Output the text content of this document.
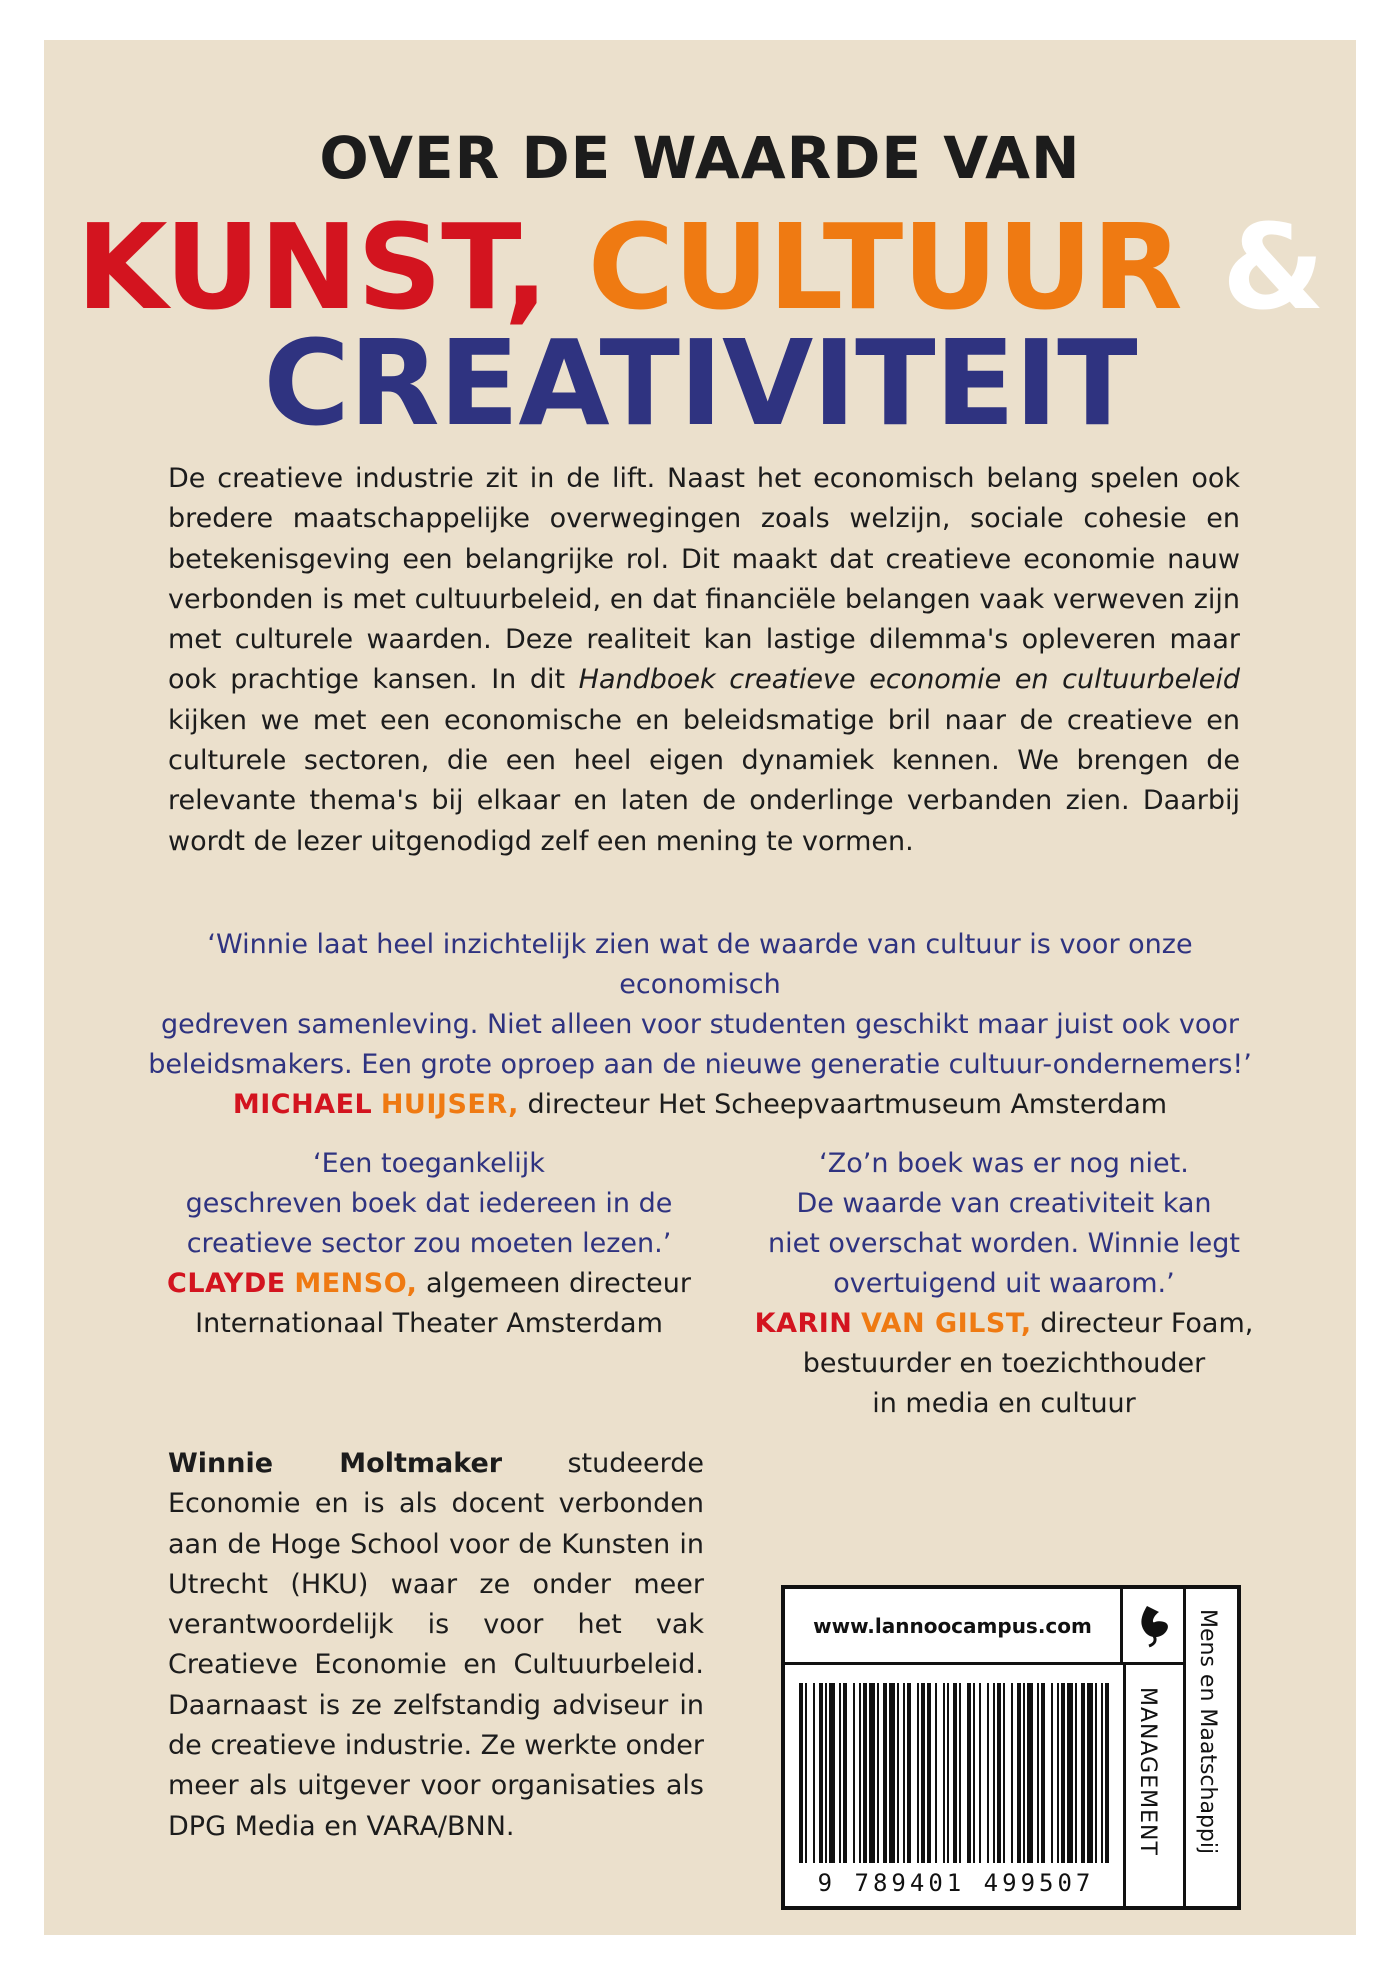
OVER DE WAARDE VAN
KUNST, CULTUUR &
CREATIVITEIT

De creatieve industrie zit in de lift. Naast het economisch belang spelen ook bredere maatschappelijke overwegingen zoals welzijn, sociale cohesie en betekenisgeving een belangrijke rol. Dit maakt dat creatieve economie nauw verbonden is met cultuurbeleid, en dat financiële belangen vaak verweven zijn met culturele waarden. Deze realiteit kan lastige dilemma's opleveren maar ook prachtige kansen. In dit Handboek creatieve economie en cultuurbeleid kijken we met een economische en beleidsmatige bril naar de creatieve en culturele sectoren, die een heel eigen dynamiek kennen. We brengen de relevante thema's bij elkaar en laten de onderlinge verbanden zien. Daarbij wordt de lezer uitgenodigd zelf een mening te vormen.

‘Winnie laat heel inzichtelijk zien wat de waarde van cultuur is voor onze economisch

gedreven samenleving. Niet alleen voor studenten geschikt maar juist ook voor

beleidsmakers. Een grote oproep aan de nieuwe generatie cultuur-ondernemers!’

MICHAEL HUIJSER, directeur Het Scheepvaartmuseum Amsterdam

‘Een toegankelijk

geschreven boek dat iedereen in de

creatieve sector zou moeten lezen.’

CLAYDE MENSO, algemeen directeur

Internationaal Theater Amsterdam

‘Zo’n boek was er nog niet.

De waarde van creativiteit kan

niet overschat worden. Winnie legt

overtuigend uit waarom.’

KARIN VAN GILST, directeur Foam,

bestuurder en toezichthouder

in media en cultuur

Winnie Moltmaker studeerde Economie en is als docent verbonden aan de Hoge School voor de Kunsten in Utrecht (HKU) waar ze onder meer verantwoordelijk is voor het vak Creatieve Economie en Cultuurbeleid. Daarnaast is ze zelfstandig adviseur in de creatieve industrie. Ze werkte onder meer als uitgever voor organisaties als DPG Media en VARA/BNN.

www.lannoocampus.com
MANAGEMENT Mens en Maatschappij
9 789401 499507
